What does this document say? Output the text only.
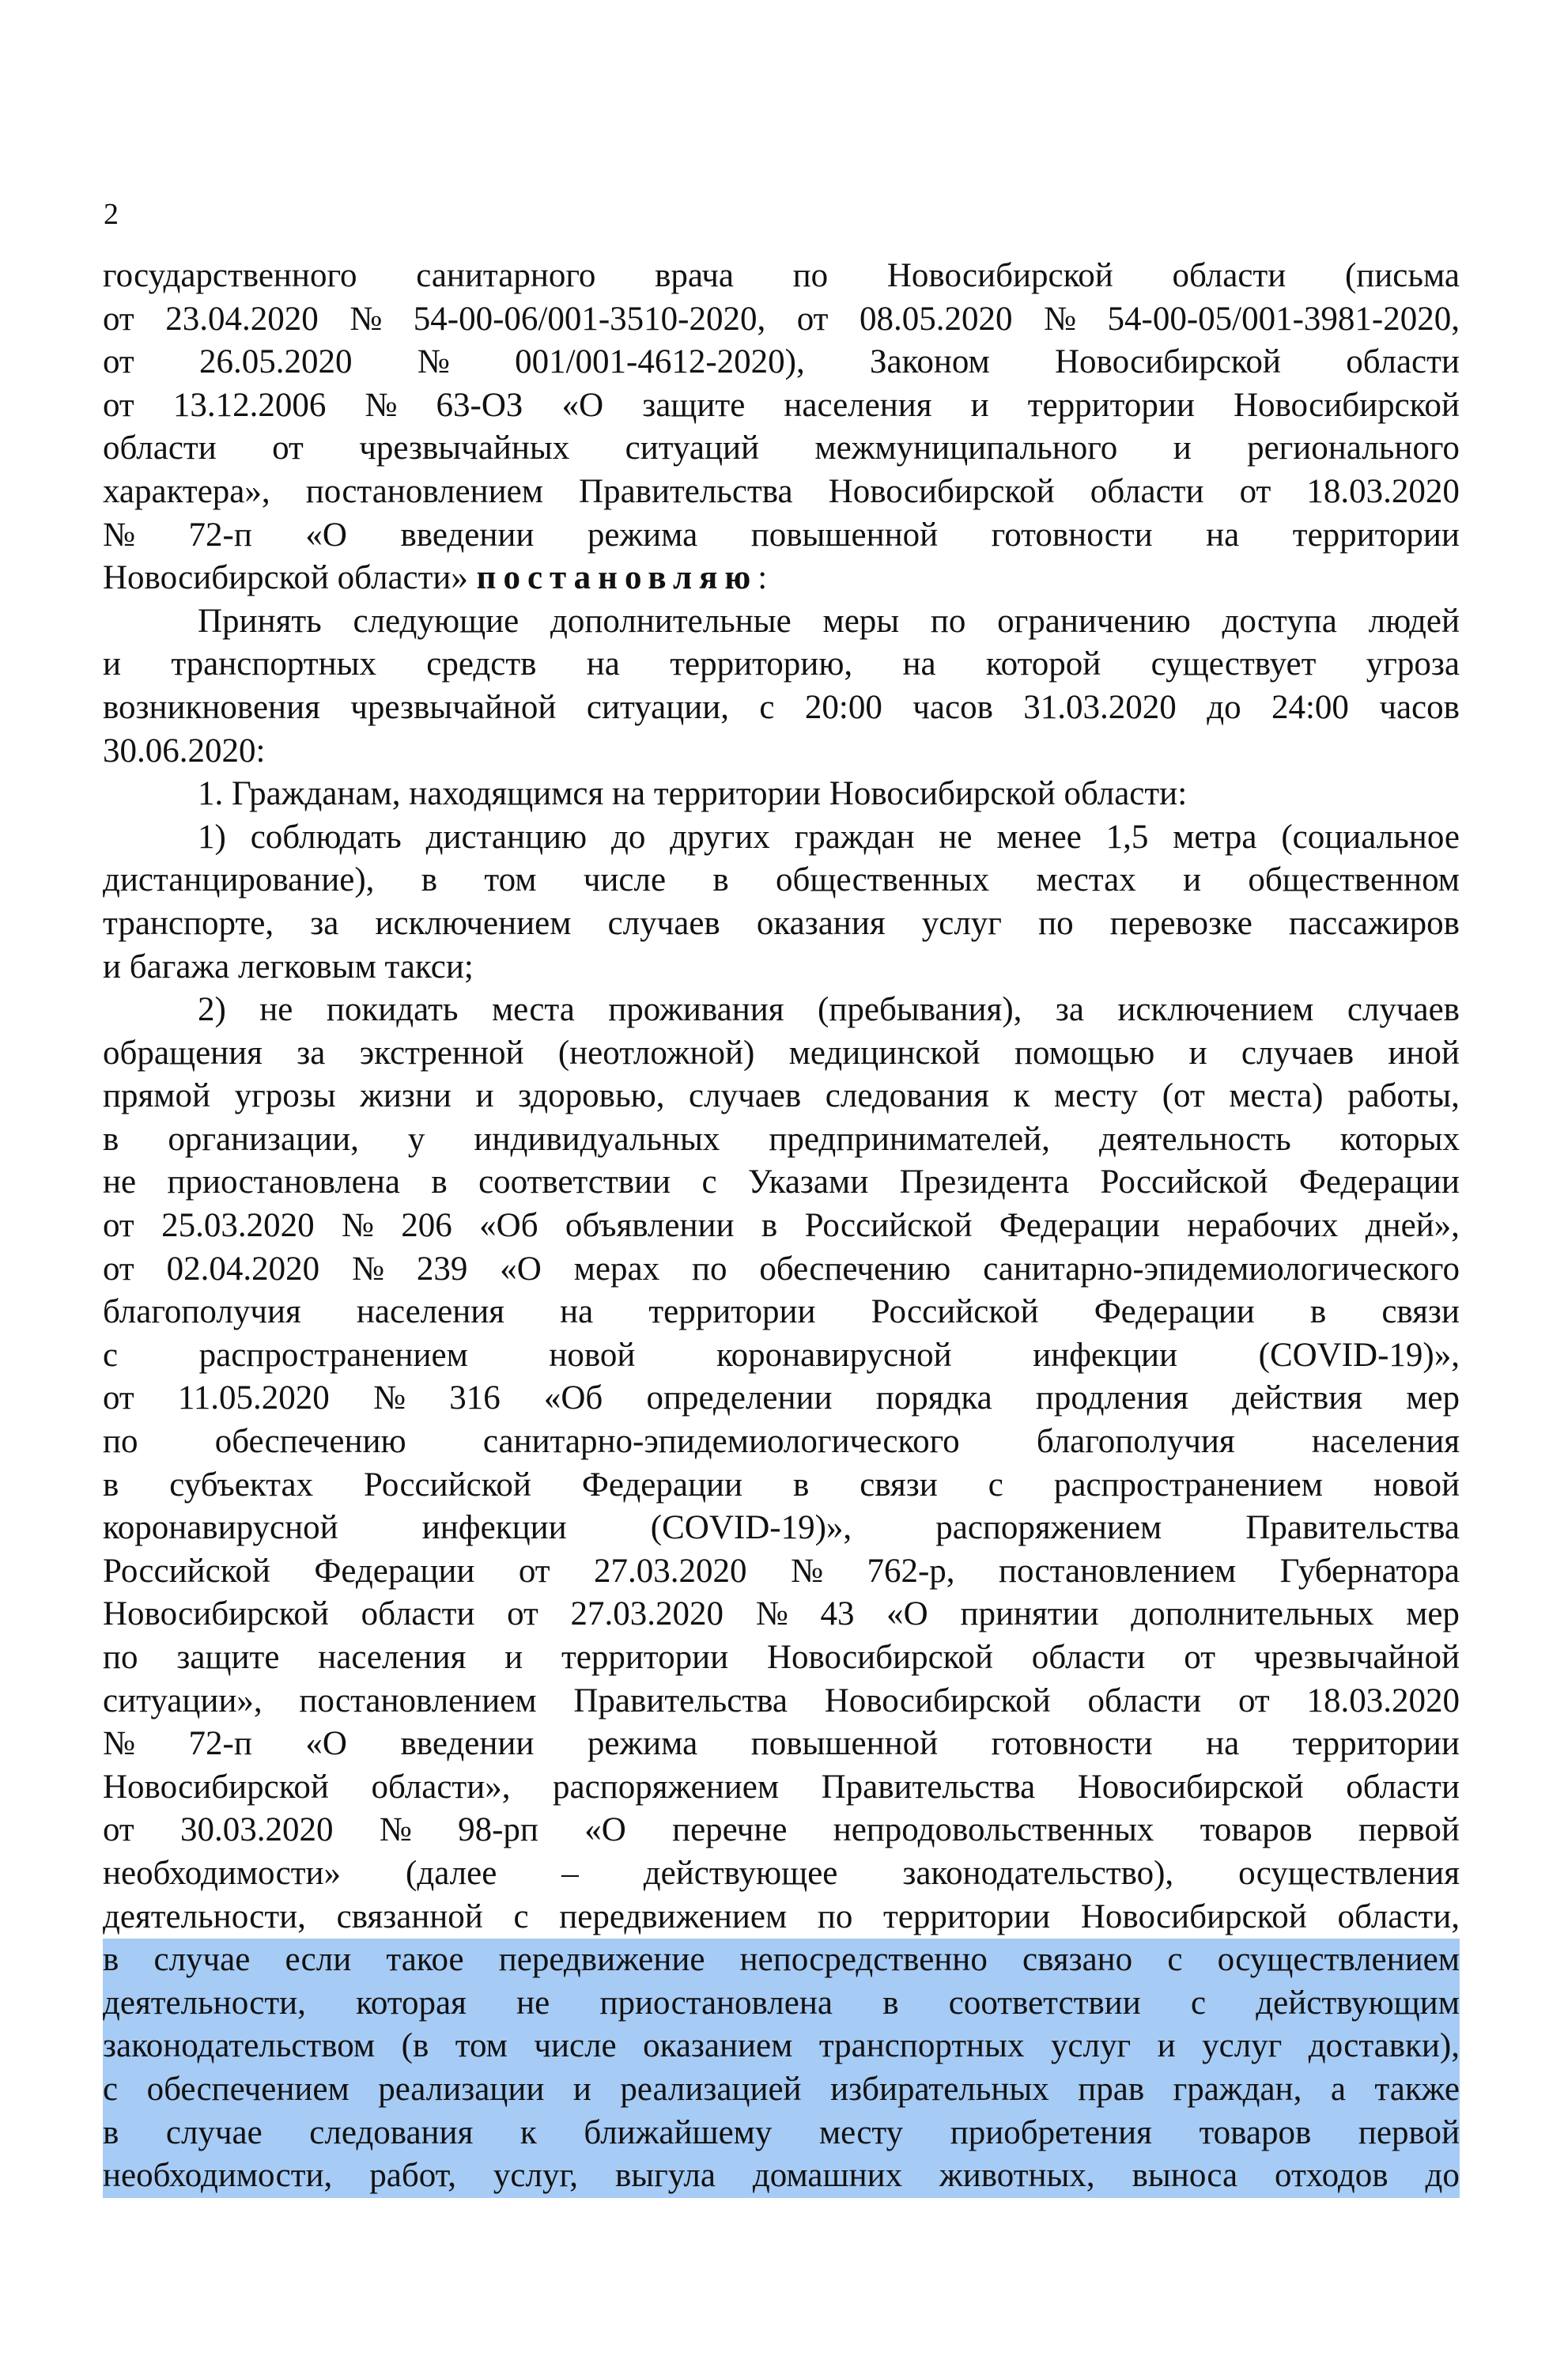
2
государственного санитарного врача по Новосибирской области (письма
от 23.04.2020 № 54-00-06/001-3510-2020, от 08.05.2020 № 54-00-05/001-3981-2020,
от 26.05.2020 № 001/001-4612-2020), Законом Новосибирской области
от 13.12.2006 № 63-ОЗ «О защите населения и территории Новосибирской
области от чрезвычайных ситуаций межмуниципального и регионального
характера», постановлением Правительства Новосибирской области от 18.03.2020
№ 72-п «О введении режима повышенной готовности на территории
Новосибирской области» постановляю:
Принять следующие дополнительные меры по ограничению доступа людей
и транспортных средств на территорию, на которой существует угроза
возникновения чрезвычайной ситуации, с 20:00 часов 31.03.2020 до 24:00 часов
30.06.2020:
1. Гражданам, находящимся на территории Новосибирской области:
1) соблюдать дистанцию до других граждан не менее 1,5 метра (социальное
дистанцирование), в том числе в общественных местах и общественном
транспорте, за исключением случаев оказания услуг по перевозке пассажиров
и багажа легковым такси;
2) не покидать места проживания (пребывания), за исключением случаев
обращения за экстренной (неотложной) медицинской помощью и случаев иной
прямой угрозы жизни и здоровью, случаев следования к месту (от места) работы,
в организации, у индивидуальных предпринимателей, деятельность которых
не приостановлена в соответствии с Указами Президента Российской Федерации
от 25.03.2020 № 206 «Об объявлении в Российской Федерации нерабочих дней»,
от 02.04.2020 № 239 «О мерах по обеспечению санитарно-эпидемиологического
благополучия населения на территории Российской Федерации в связи
с распространением новой коронавирусной инфекции (COVID-19)»,
от 11.05.2020 № 316 «Об определении порядка продления действия мер
по обеспечению санитарно-эпидемиологического благополучия населения
в субъектах Российской Федерации в связи с распространением новой
коронавирусной инфекции (COVID-19)», распоряжением Правительства
Российской Федерации от 27.03.2020 № 762-р, постановлением Губернатора
Новосибирской области от 27.03.2020 № 43 «О принятии дополнительных мер
по защите населения и территории Новосибирской области от чрезвычайной
ситуации», постановлением Правительства Новосибирской области от 18.03.2020
№ 72-п «О введении режима повышенной готовности на территории
Новосибирской области», распоряжением Правительства Новосибирской области
от 30.03.2020 № 98-рп «О перечне непродовольственных товаров первой
необходимости» (далее – действующее законодательство), осуществления
деятельности, связанной с передвижением по территории Новосибирской области,
в случае если такое передвижение непосредственно связано с осуществлением
деятельности, которая не приостановлена в соответствии с действующим
законодательством (в том числе оказанием транспортных услуг и услуг доставки),
с обеспечением реализации и реализацией избирательных прав граждан, а также
в случае следования к ближайшему месту приобретения товаров первой
необходимости, работ, услуг, выгула домашних животных, выноса отходов до
